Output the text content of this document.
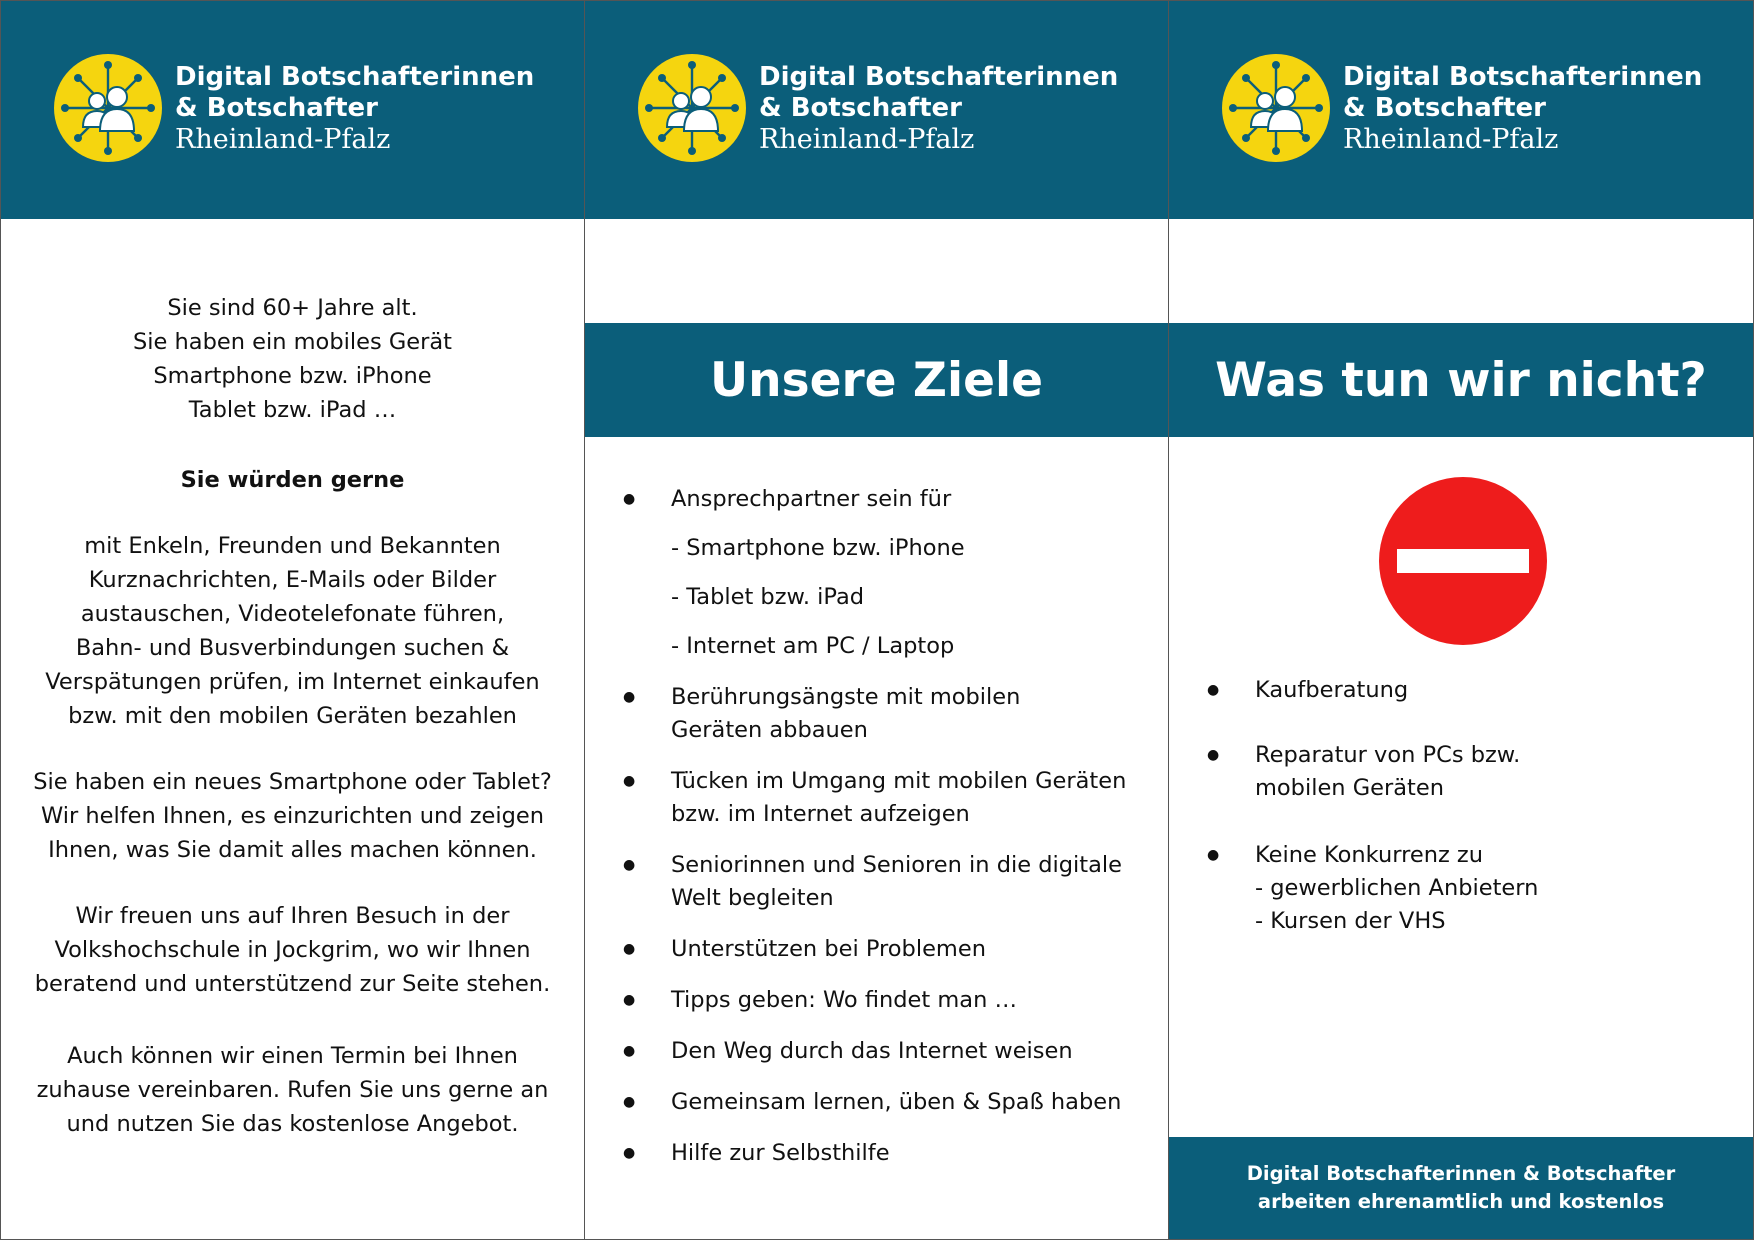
Digital Botschafterinnen
& Botschafter
Rheinland-Pfalz
Sie sind 60+ Jahre alt.
Sie haben ein mobiles Gerät
Smartphone bzw. iPhone
Tablet bzw. iPad …
Sie würden gerne
mit Enkeln, Freunden und Bekannten
Kurznachrichten, E-Mails oder Bilder
austauschen, Videotelefonate führen,
Bahn- und Busverbindungen suchen &
Verspätungen prüfen, im Internet einkaufen
bzw. mit den mobilen Geräten bezahlen
Sie haben ein neues Smartphone oder Tablet?
Wir helfen Ihnen, es einzurichten und zeigen
Ihnen, was Sie damit alles machen können.
Wir freuen uns auf Ihren Besuch in der
Volkshochschule in Jockgrim, wo wir Ihnen
beratend und unterstützend zur Seite stehen.
Auch können wir einen Termin bei Ihnen
zuhause vereinbaren. Rufen Sie uns gerne an
und nutzen Sie das kostenlose Angebot.
Digital Botschafterinnen
& Botschafter
Rheinland-Pfalz
Unsere Ziele
● Ansprechpartner sein für
- Smartphone bzw. iPhone
- Tablet bzw. iPad
- Internet am PC / Laptop
● Berührungsängste mit mobilen
Geräten abbauen
● Tücken im Umgang mit mobilen Geräten
bzw. im Internet aufzeigen
● Seniorinnen und Senioren in die digitale
Welt begleiten
● Unterstützen bei Problemen
● Tipps geben: Wo findet man …
● Den Weg durch das Internet weisen
● Gemeinsam lernen, üben & Spaß haben
● Hilfe zur Selbsthilfe
Digital Botschafterinnen
& Botschafter
Rheinland-Pfalz
Was tun wir nicht?
● Kaufberatung
● Reparatur von PCs bzw.
mobilen Geräten
● Keine Konkurrenz zu
- gewerblichen Anbietern
- Kursen der VHS
Digital Botschafterinnen & Botschafter
arbeiten ehrenamtlich und kostenlos
